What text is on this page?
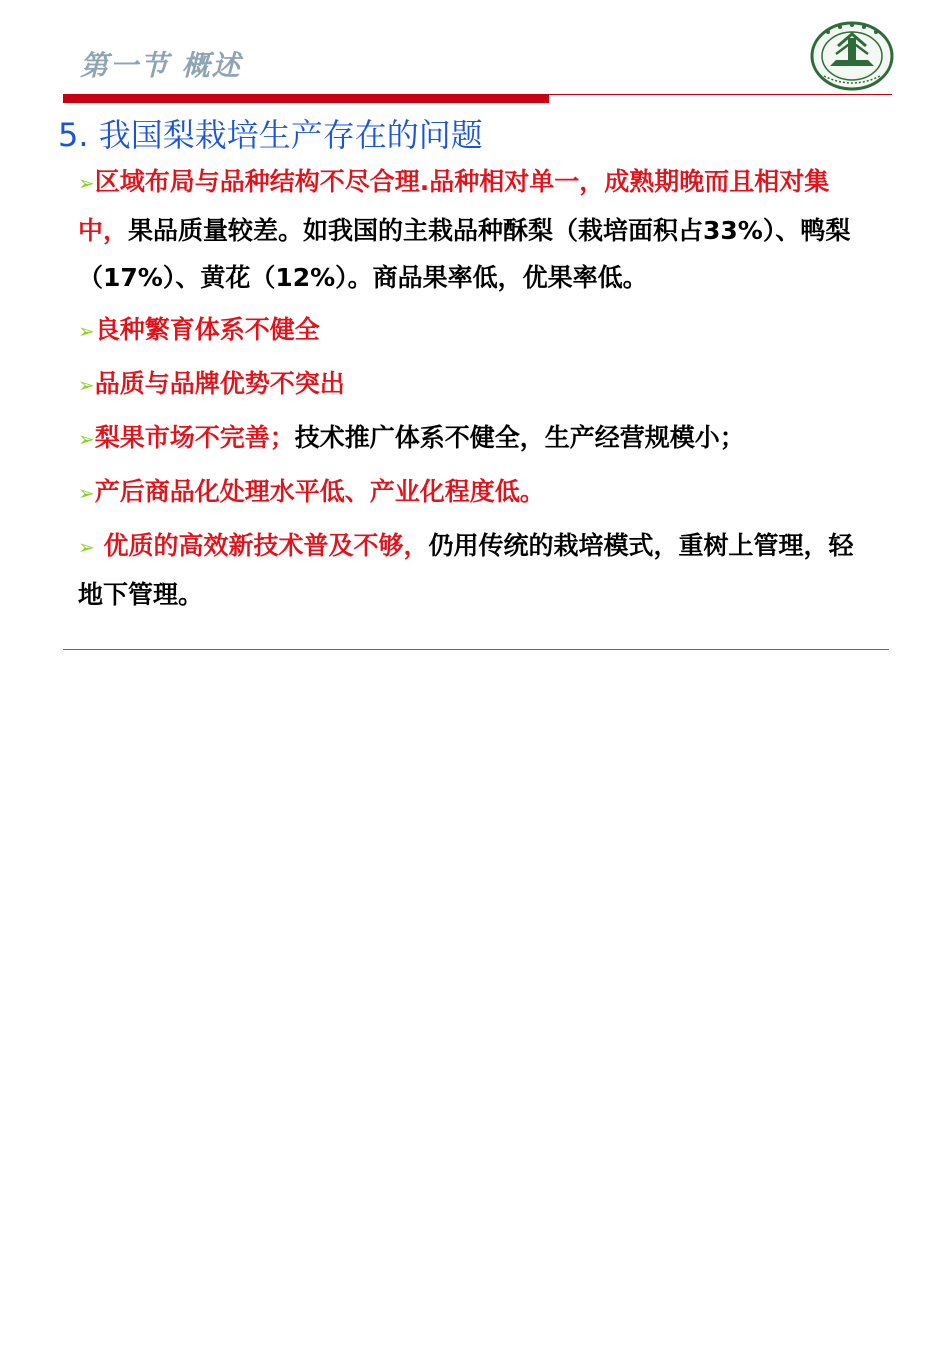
第一节 概述
5. 我国梨栽培生产存在的问题

➢区域布局与品种结构不尽合理.品种相对单一，成熟期晚而且相对集中，果品质量较差。如我国的主栽品种酥梨（栽培面积占33%）、鸭梨（17%）、黄花（12%）。商品果率低，优果率低。

➢良种繁育体系不健全

➢品质与品牌优势不突出

➢梨果市场不完善；技术推广体系不健全，生产经营规模小；

➢产后商品化处理水平低、产业化程度低。

➢ 优质的高效新技术普及不够，仍用传统的栽培模式，重树上管理，轻地下管理。
